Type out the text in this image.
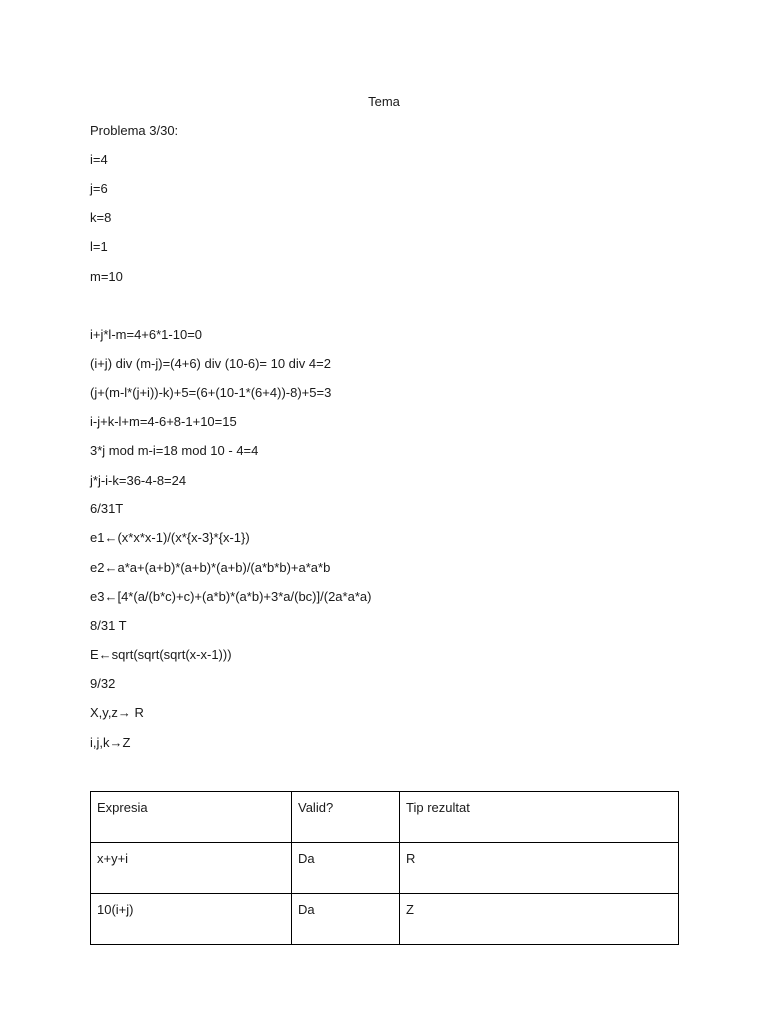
Tema
Problema 3/30:
i=4
j=6
k=8
l=1
m=10
i+j*l-m=4+6*1-10=0
(i+j) div (m-j)=(4+6) div (10-6)= 10 div 4=2
(j+(m-l*(j+i))-k)+5=(6+(10-1*(6+4))-8)+5=3
i-j+k-l+m=4-6+8-1+10=15
3*j mod m-i=18 mod 10 - 4=4
j*j-i-k=36-4-8=24
6/31T
e1←(x*x*x-1)/(x*{x-3}*{x-1})
e2←a*a+(a+b)*(a+b)*(a+b)/(a*b*b)+a*a*b
e3←[4*(a/(b*c)+c)+(a*b)*(a*b)+3*a/(bc)]/(2a*a*a)
8/31 T
E←sqrt(sqrt(sqrt(x-x-1)))
9/32
X,y,z→ R
i,j,k→Z
Expresia	Valid?	Tip rezultat
x+y+i	Da	R
10(i+j)	Da	Z
